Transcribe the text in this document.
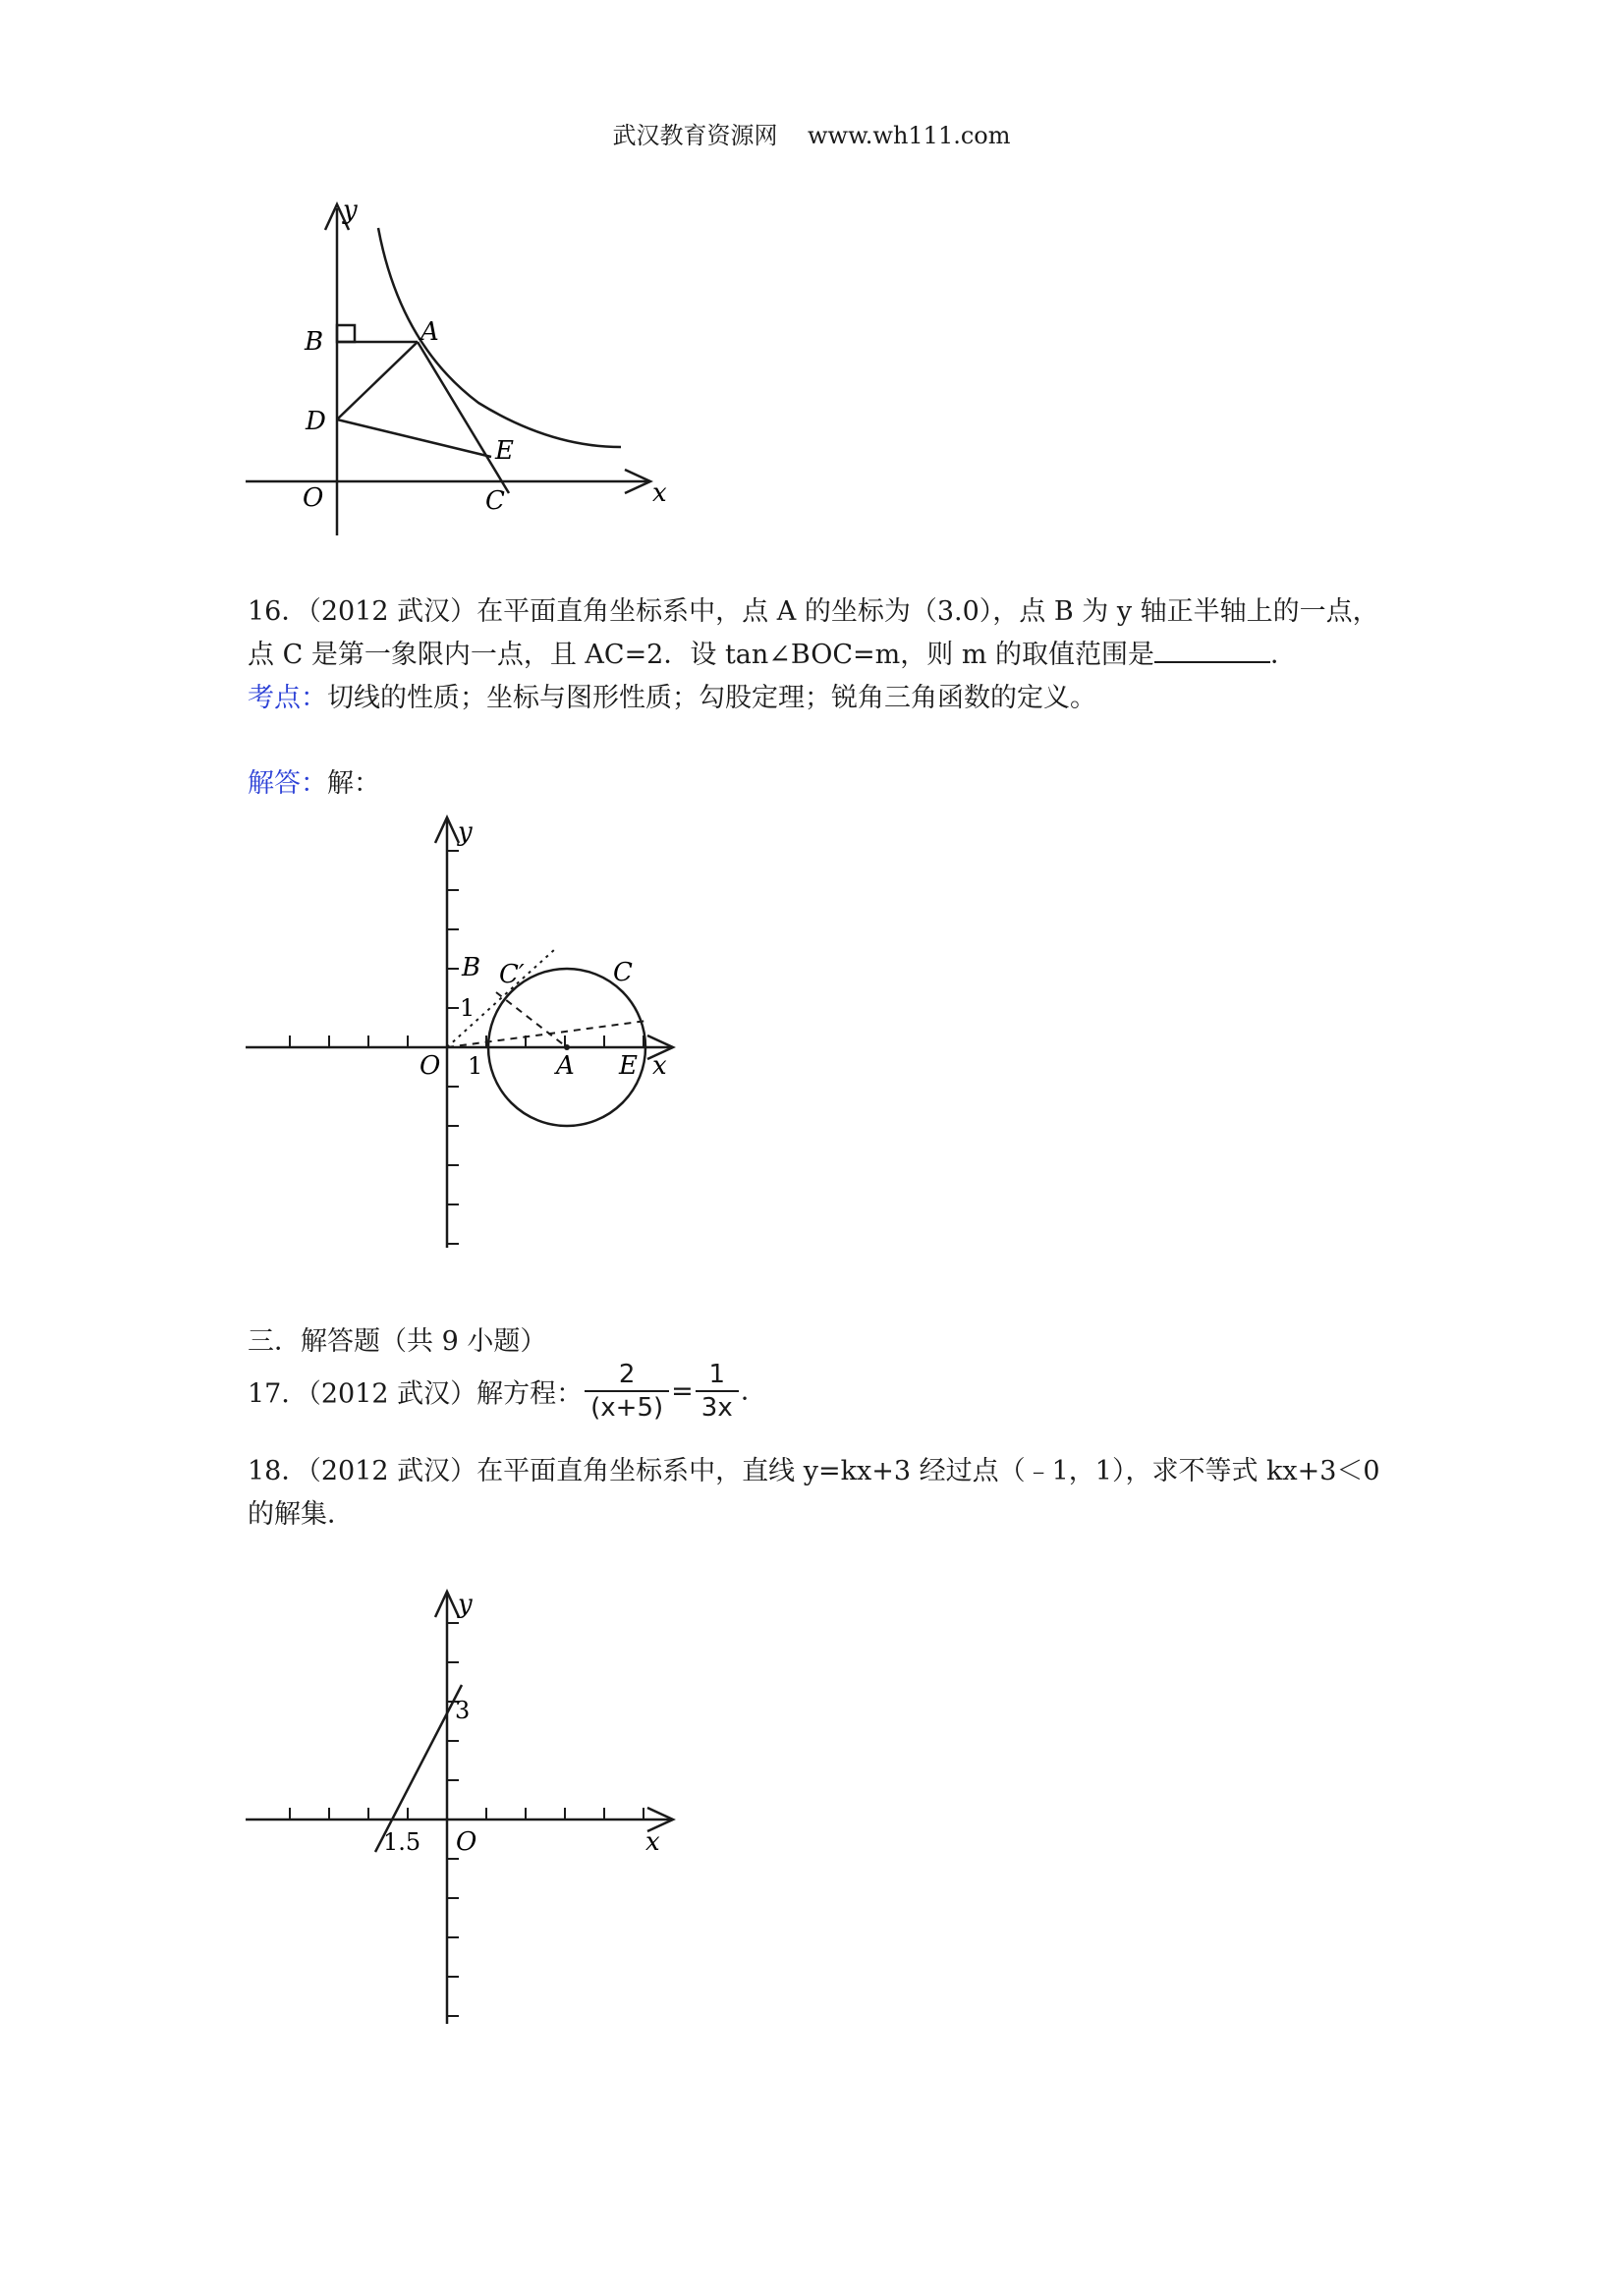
武汉教育资源网 www.wh111.com
y
x
B	A
D
E
O	C
16．（2012 武汉）在平面直角坐标系中，点 A 的坐标为（3.0），点 B 为 y 轴正半轴上的一点，
点 C 是第一象限内一点，且 AC=2．设 tan∠BOC=m，则 m 的取值范围是	．
考点：切线的性质；坐标与图形性质；勾股定理；锐角三角函数的定义。
解答：解：
y
B C′	C
1
O 1	A E x
三．解答题（共 9 小题）
17．（2012 武汉）解方程： $\frac{2}{(x+5)} = \frac{1}{3x}$ .
18．（2012 武汉）在平面直角坐标系中，直线 y=kx+3 经过点（﹣1，1），求不等式 kx+3＜0
的解集．
y
3
1.5 O	x
